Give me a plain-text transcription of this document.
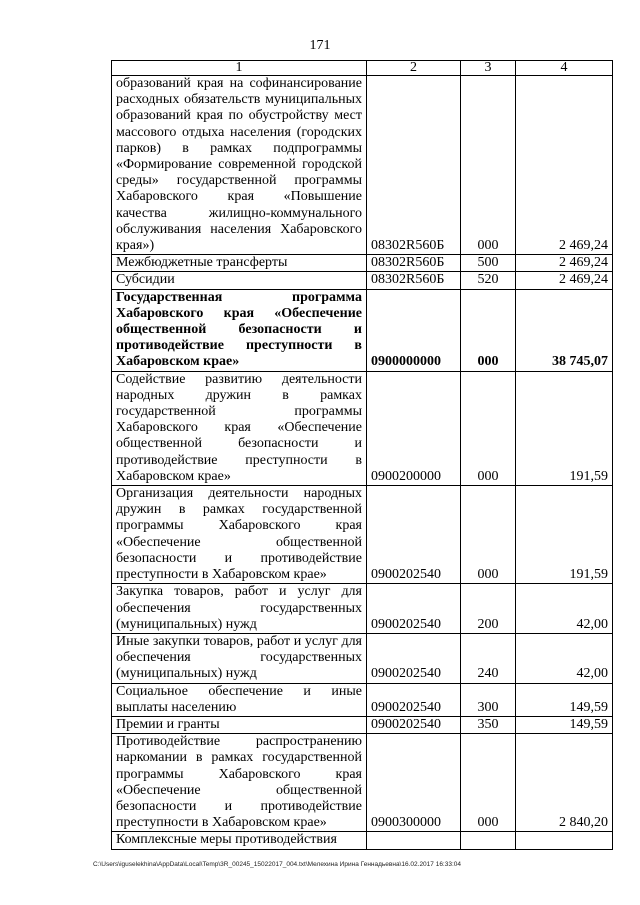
171
1	2	3	4
образований края на софинансирование расходных обязательств муниципальных образований края по обустройству мест массового отдыха населения (городских парков) в рамках подпрограммы «Формирование современной городской среды» государственной программы Хабаровского края «Повышение качества жилищно-коммунального обслуживания населения Хабаровского края»)	08302R560Б	000	2 469,24
Межбюджетные трансферты	08302R560Б	500	2 469,24
Субсидии	08302R560Б	520	2 469,24
Государственная программа Хабаровского края «Обеспечение общественной безопасности и противодействие преступности в Хабаровском крае»	0900000000	000	38 745,07
Содействие развитию деятельности народных дружин в рамках государственной программы Хабаровского края «Обеспечение общественной безопасности и противодействие преступности в Хабаровском крае»	0900200000	000	191,59
Организация деятельности народных дружин в рамках государственной программы Хабаровского края «Обеспечение общественной безопасности и противодействие преступности в Хабаровском крае»	0900202540	000	191,59
Закупка товаров, работ и услуг для обеспечения государственных (муниципальных) нужд	0900202540	200	42,00
Иные закупки товаров, работ и услуг для обеспечения государственных (муниципальных) нужд	0900202540	240	42,00
Социальное обеспечение и иные выплаты населению	0900202540	300	149,59
Премии и гранты	0900202540	350	149,59
Противодействие распространению наркомании в рамках государственной программы Хабаровского края «Обеспечение общественной безопасности и противодействие преступности в Хабаровском крае»	0900300000	000	2 840,20
Комплексные меры противодействия			
C:\Users\iguselekhina\AppData\Local\Temp\3R_00245_15022017_004.txt\Мелехина Ирина Геннадьевна\16.02.2017 16:33:04
